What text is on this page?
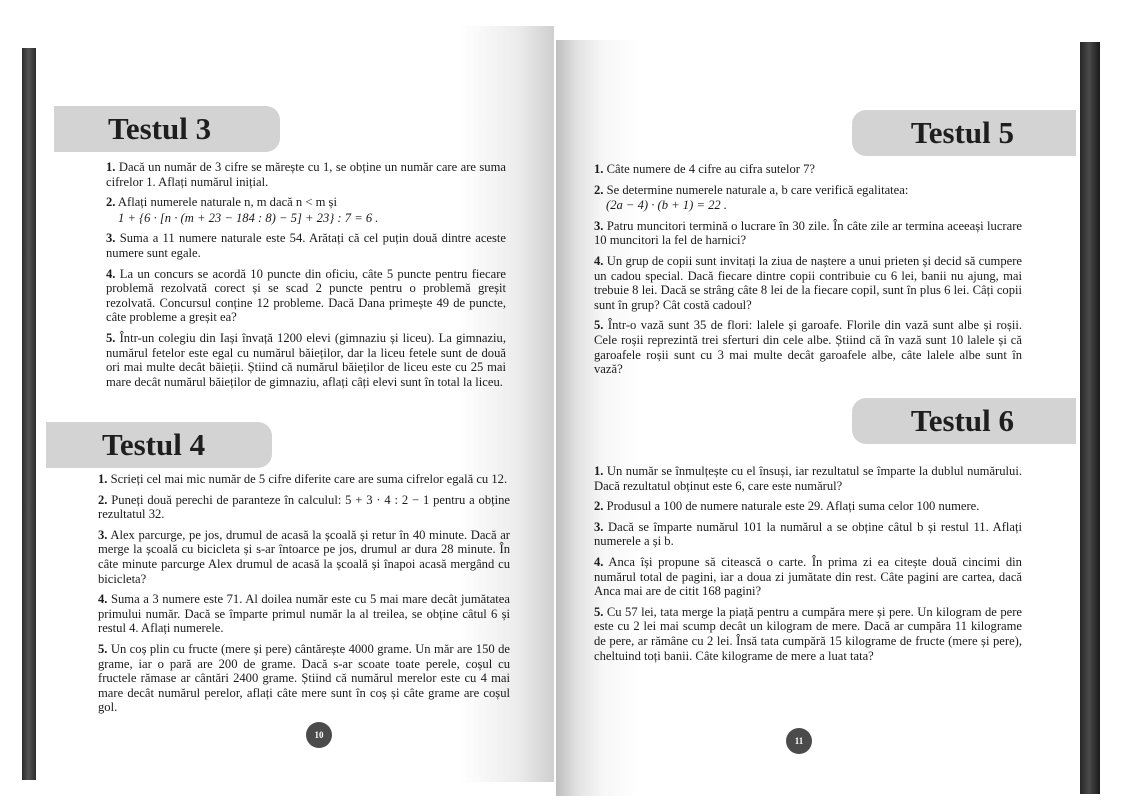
Testul 3
1. Dacă un număr de 3 cifre se mărește cu 1, se obține un număr care are suma cifrelor 1. Aflați numărul inițial.
2. Aflați numerele naturale n, m dacă n < m și
1 + {6 · [n · (m + 23 − 184 : 8) − 5] + 23} : 7 = 6 .
3. Suma a 11 numere naturale este 54. Arătați că cel puțin două dintre aceste numere sunt egale.
4. La un concurs se acordă 10 puncte din oficiu, câte 5 puncte pentru fiecare problemă rezolvată corect și se scad 2 puncte pentru o problemă greșit rezolvată. Concursul conține 12 probleme. Dacă Dana primește 49 de puncte, câte probleme a greșit ea?
5. Într-un colegiu din Iași învață 1200 elevi (gimnaziu și liceu). La gimnaziu, numărul fetelor este egal cu numărul băieților, dar la liceu fetele sunt de două ori mai multe decât băieții. Știind că numărul băieților de liceu este cu 25 mai mare decât numărul băieților de gimnaziu, aflați câți elevi sunt în total la liceu.
Testul 4
1. Scrieți cel mai mic număr de 5 cifre diferite care are suma cifrelor egală cu 12.
2. Puneți două perechi de paranteze în calculul: 5 + 3 · 4 : 2 − 1 pentru a obține rezultatul 32.
3. Alex parcurge, pe jos, drumul de acasă la școală și retur în 40 minute. Dacă ar merge la școală cu bicicleta și s-ar întoarce pe jos, drumul ar dura 28 minute. În câte minute parcurge Alex drumul de acasă la școală și înapoi acasă mergând cu bicicleta?
4. Suma a 3 numere este 71. Al doilea număr este cu 5 mai mare decât jumătatea primului număr. Dacă se împarte primul număr la al treilea, se obține câtul 6 și restul 4. Aflați numerele.
5. Un coș plin cu fructe (mere și pere) cântărește 4000 grame. Un măr are 150 de grame, iar o pară are 200 de grame. Dacă s-ar scoate toate perele, coșul cu fructele rămase ar cântări 2400 grame. Știind că numărul merelor este cu 4 mai mare decât numărul perelor, aflați câte mere sunt în coș și câte grame are coșul gol.
10
Testul 5
1. Câte numere de 4 cifre au cifra sutelor 7?
2. Se determine numerele naturale a, b care verifică egalitatea:
(2a − 4) · (b + 1) = 22 .
3. Patru muncitori termină o lucrare în 30 zile. În câte zile ar termina aceeași lucrare 10 muncitori la fel de harnici?
4. Un grup de copii sunt invitați la ziua de naștere a unui prieten și decid să cumpere un cadou special. Dacă fiecare dintre copii contribuie cu 6 lei, banii nu ajung, mai trebuie 8 lei. Dacă se strâng câte 8 lei de la fiecare copil, sunt în plus 6 lei. Câți copii sunt în grup? Cât costă cadoul?
5. Într-o vază sunt 35 de flori: lalele și garoafe. Florile din vază sunt albe și roșii. Cele roșii reprezintă trei sferturi din cele albe. Știind că în vază sunt 10 lalele și că garoafele roșii sunt cu 3 mai multe decât garoafele albe, câte lalele albe sunt în vază?
Testul 6
1. Un număr se înmulțește cu el însuși, iar rezultatul se împarte la dublul numărului. Dacă rezultatul obținut este 6, care este numărul?
2. Produsul a 100 de numere naturale este 29. Aflați suma celor 100 numere.
3. Dacă se împarte numărul 101 la numărul a se obține câtul b și restul 11. Aflați numerele a și b.
4. Anca își propune să citească o carte. În prima zi ea citește două cincimi din numărul total de pagini, iar a doua zi jumătate din rest. Câte pagini are cartea, dacă Anca mai are de citit 168 pagini?
5. Cu 57 lei, tata merge la piață pentru a cumpăra mere și pere. Un kilogram de pere este cu 2 lei mai scump decât un kilogram de mere. Dacă ar cumpăra 11 kilograme de pere, ar rămâne cu 2 lei. Însă tata cumpără 15 kilograme de fructe (mere și pere), cheltuind toți banii. Câte kilograme de mere a luat tata?
11
